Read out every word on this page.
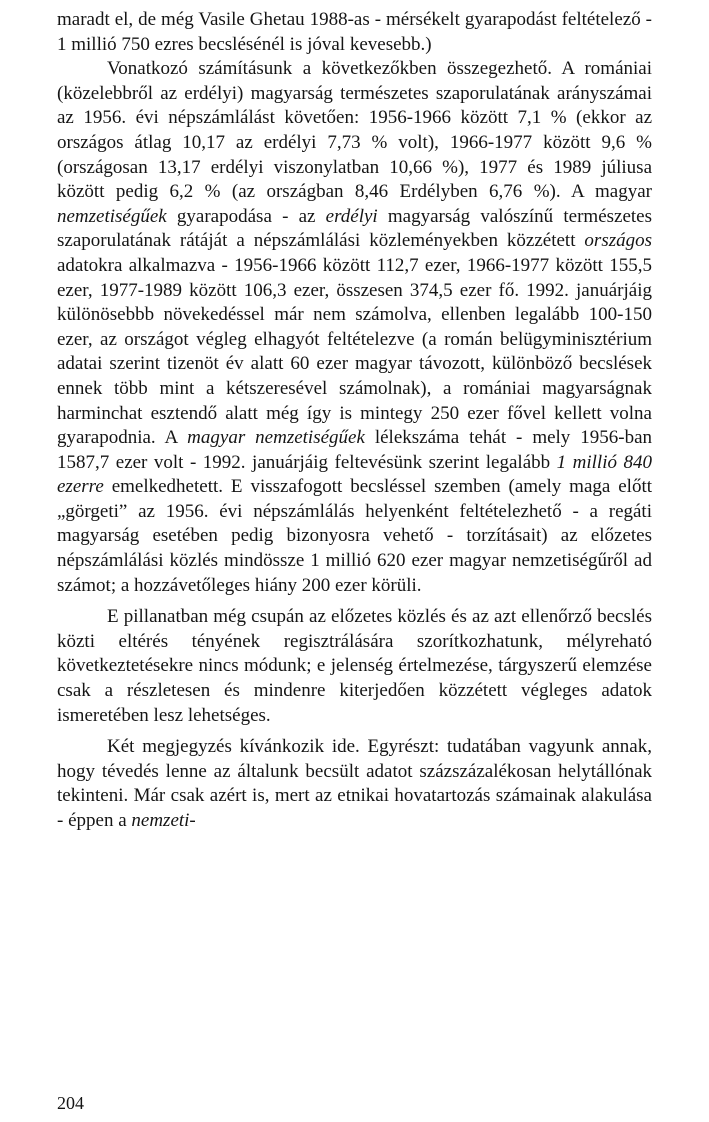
maradt el, de még Vasile Ghetau 1988-as - mérsékelt gyarapodást feltételező - 1 millió 750 ezres becslésénél is jóval kevesebb.)

Vonatkozó számításunk a következőkben összegezhető. A romániai (közelebbről az erdélyi) magyarság természetes szaporulatának arányszámai az 1956. évi népszámlálást követően: 1956-1966 között 7,1 % (ekkor az országos átlag 10,17 az erdélyi 7,73 % volt), 1966-1977 között 9,6 % (országosan 13,17 erdélyi viszonylatban 10,66 %), 1977 és 1989 júliusa között pedig 6,2 % (az országban 8,46 Erdélyben 6,76 %). A magyar nemzetiségűek gyarapodása - az erdélyi magyarság valószínű természetes szaporulatának rátáját a népszámlálási közleményekben közzétett országos adatokra alkalmazva - 1956-1966 között 112,7 ezer, 1966-1977 között 155,5 ezer, 1977-1989 között 106,3 ezer, összesen 374,5 ezer fő. 1992. januárjáig különösebbb növekedéssel már nem számolva, ellenben legalább 100-150 ezer, az országot végleg elhagyót feltételezve (a román belügyminisztérium adatai szerint tizenöt év alatt 60 ezer magyar távozott, különböző becslések ennek több mint a kétszeresével számolnak), a romániai magyarságnak harminchat esztendő alatt még így is mintegy 250 ezer fővel kellett volna gyarapodnia. A magyar nemzetiségűek lélekszáma tehát - mely 1956-ban 1587,7 ezer volt - 1992. januárjáig feltevésünk szerint legalább 1 millió 840 ezerre emelkedhetett. E visszafogott becsléssel szemben (amely maga előtt „görgeti” az 1956. évi népszámlálás helyenként feltételezhető - a regáti magyarság esetében pedig bizonyosra vehető - torzításait) az előzetes népszámlálási közlés mindössze 1 millió 620 ezer magyar nemzetiségűről ad számot; a hozzávetőleges hiány 200 ezer körüli.

E pillanatban még csupán az előzetes közlés és az azt ellenőrző becslés közti eltérés tényének regisztrálására szorítkozhatunk, mélyreható következtetésekre nincs módunk; e jelenség értelmezése, tárgyszerű elemzése csak a részletesen és mindenre kiterjedően közzétett végleges adatok ismeretében lesz lehetséges.

Két megjegyzés kívánkozik ide. Egyrészt: tudatában vagyunk annak, hogy tévedés lenne az általunk becsült adatot százszázalékosan helytállónak tekinteni. Már csak azért is, mert az etnikai hovatartozás számainak alakulása - éppen a nemzeti-

204
